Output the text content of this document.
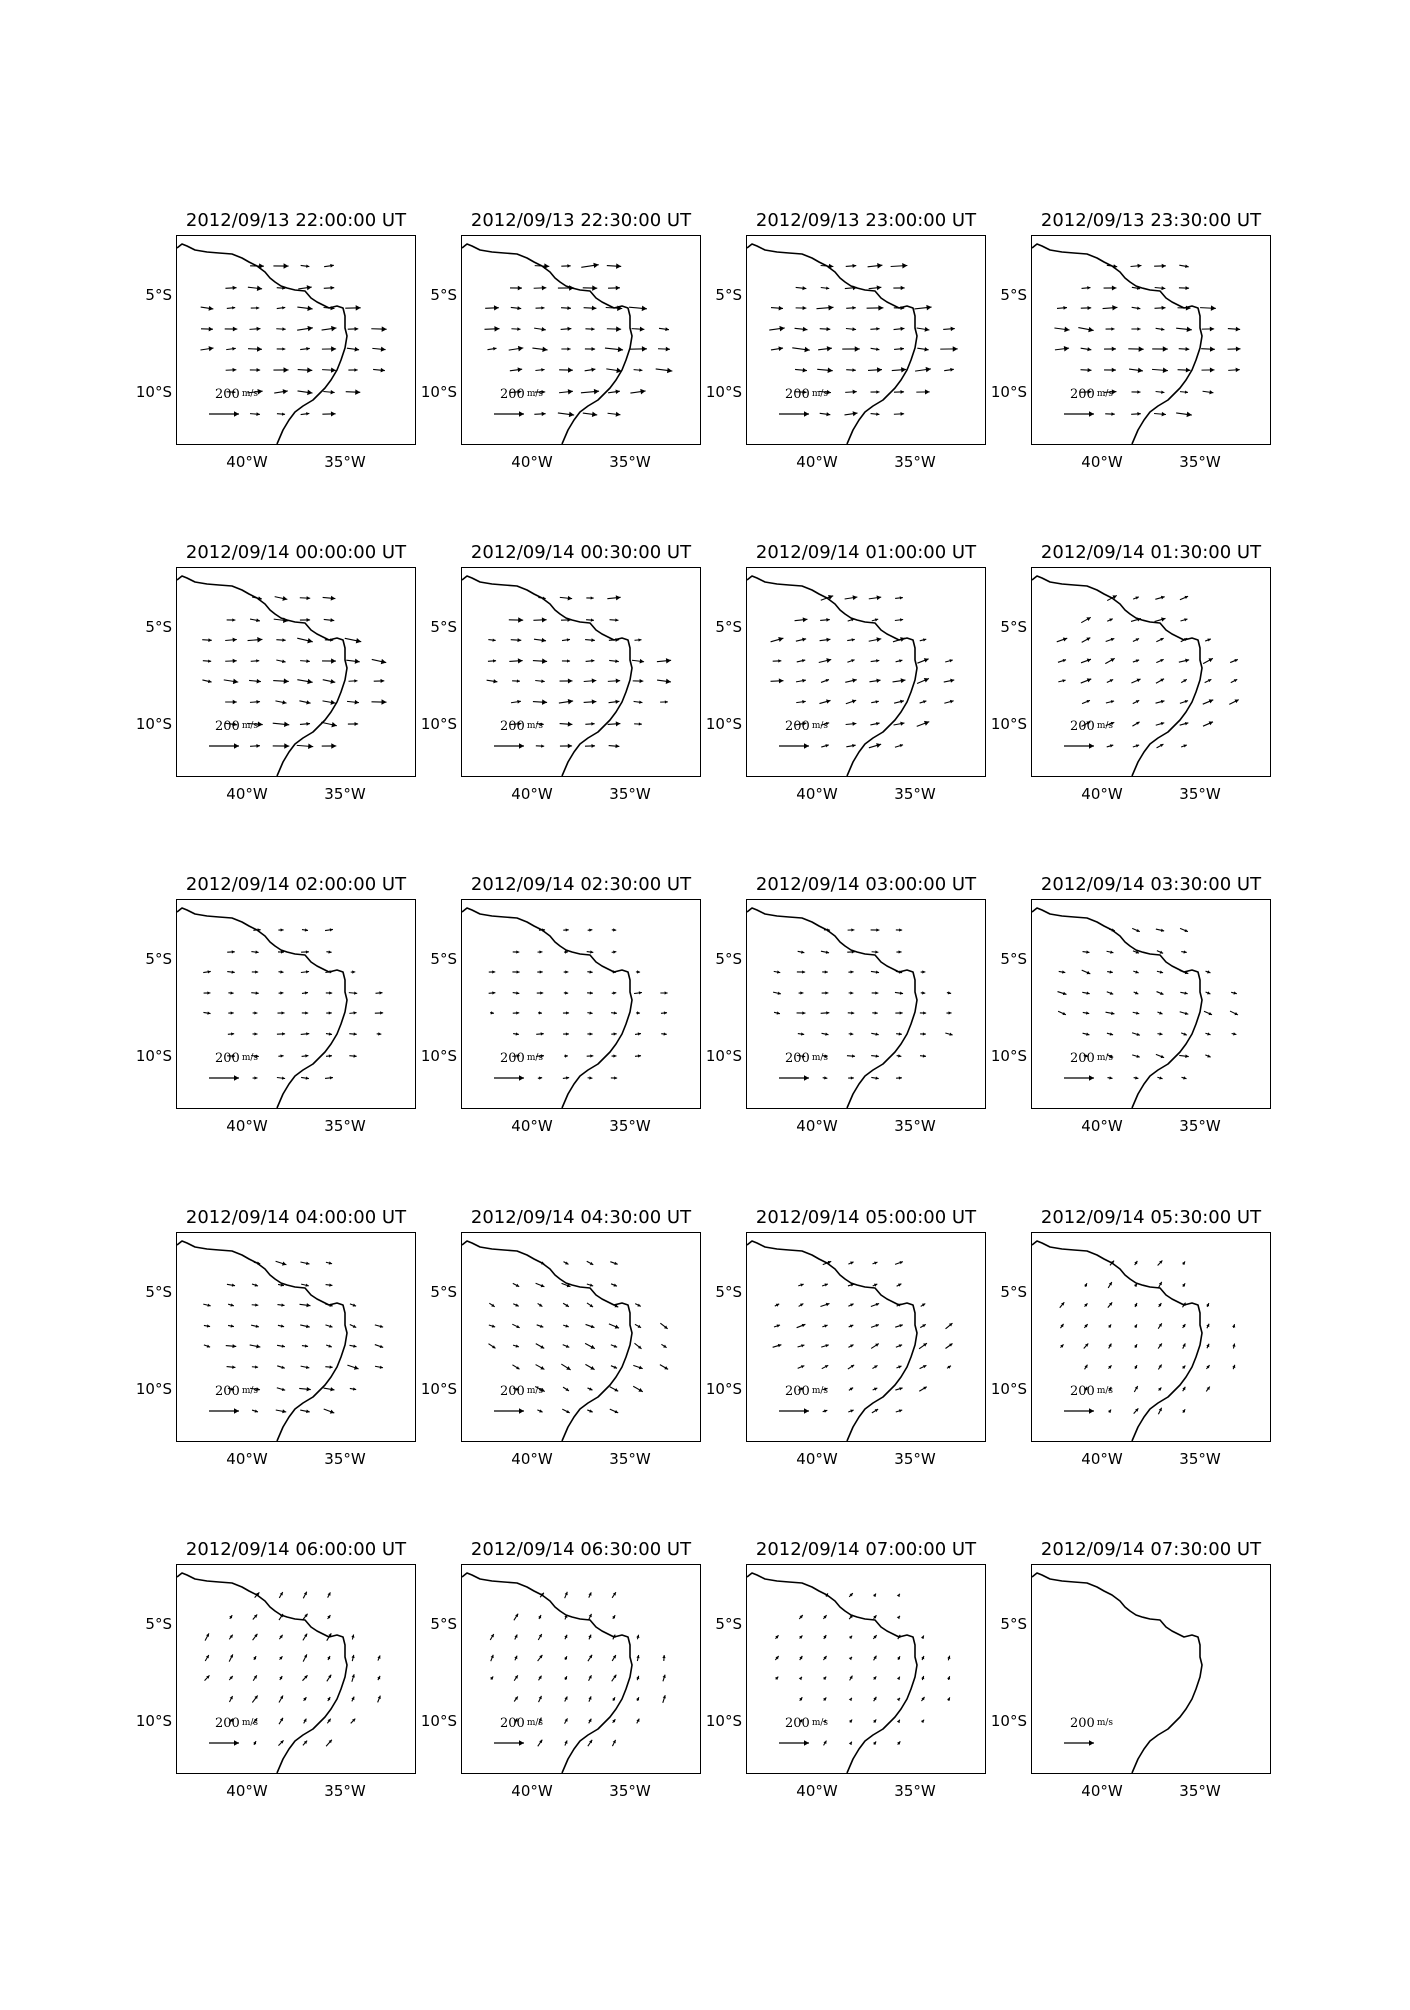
2012/09/13 22:00:00 UT
200 m/s
5°S
10°S
40°W	35°W
2012/09/13 22:30:00 UT
200 m/s
5°S
10°S
40°W	35°W
2012/09/13 23:00:00 UT
200 m/s
5°S
10°S
40°W	35°W
2012/09/13 23:30:00 UT
200 m/s
5°S
10°S
40°W	35°W
2012/09/14 00:00:00 UT
200 m/s
5°S
10°S
40°W	35°W
2012/09/14 00:30:00 UT
200 m/s
5°S
10°S
40°W	35°W
2012/09/14 01:00:00 UT
200 m/s
5°S
10°S
40°W	35°W
2012/09/14 01:30:00 UT
200 m/s
5°S
10°S
40°W	35°W
2012/09/14 02:00:00 UT
200 m/s
5°S
10°S
40°W	35°W
2012/09/14 02:30:00 UT
200 m/s
5°S
10°S
40°W	35°W
2012/09/14 03:00:00 UT
200 m/s
5°S
10°S
40°W	35°W
2012/09/14 03:30:00 UT
200 m/s
5°S
10°S
40°W	35°W
2012/09/14 04:00:00 UT
200 m/s
5°S
10°S
40°W	35°W
2012/09/14 04:30:00 UT
200 m/s
5°S
10°S
40°W	35°W
2012/09/14 05:00:00 UT
200 m/s
5°S
10°S
40°W	35°W
2012/09/14 05:30:00 UT
200 m/s
5°S
10°S
40°W	35°W
2012/09/14 06:00:00 UT
200 m/s
5°S
10°S
40°W	35°W
2012/09/14 06:30:00 UT
200 m/s
5°S
10°S
40°W	35°W
2012/09/14 07:00:00 UT
200 m/s
5°S
10°S
40°W	35°W
2012/09/14 07:30:00 UT
200 m/s
5°S
10°S
40°W	35°W
